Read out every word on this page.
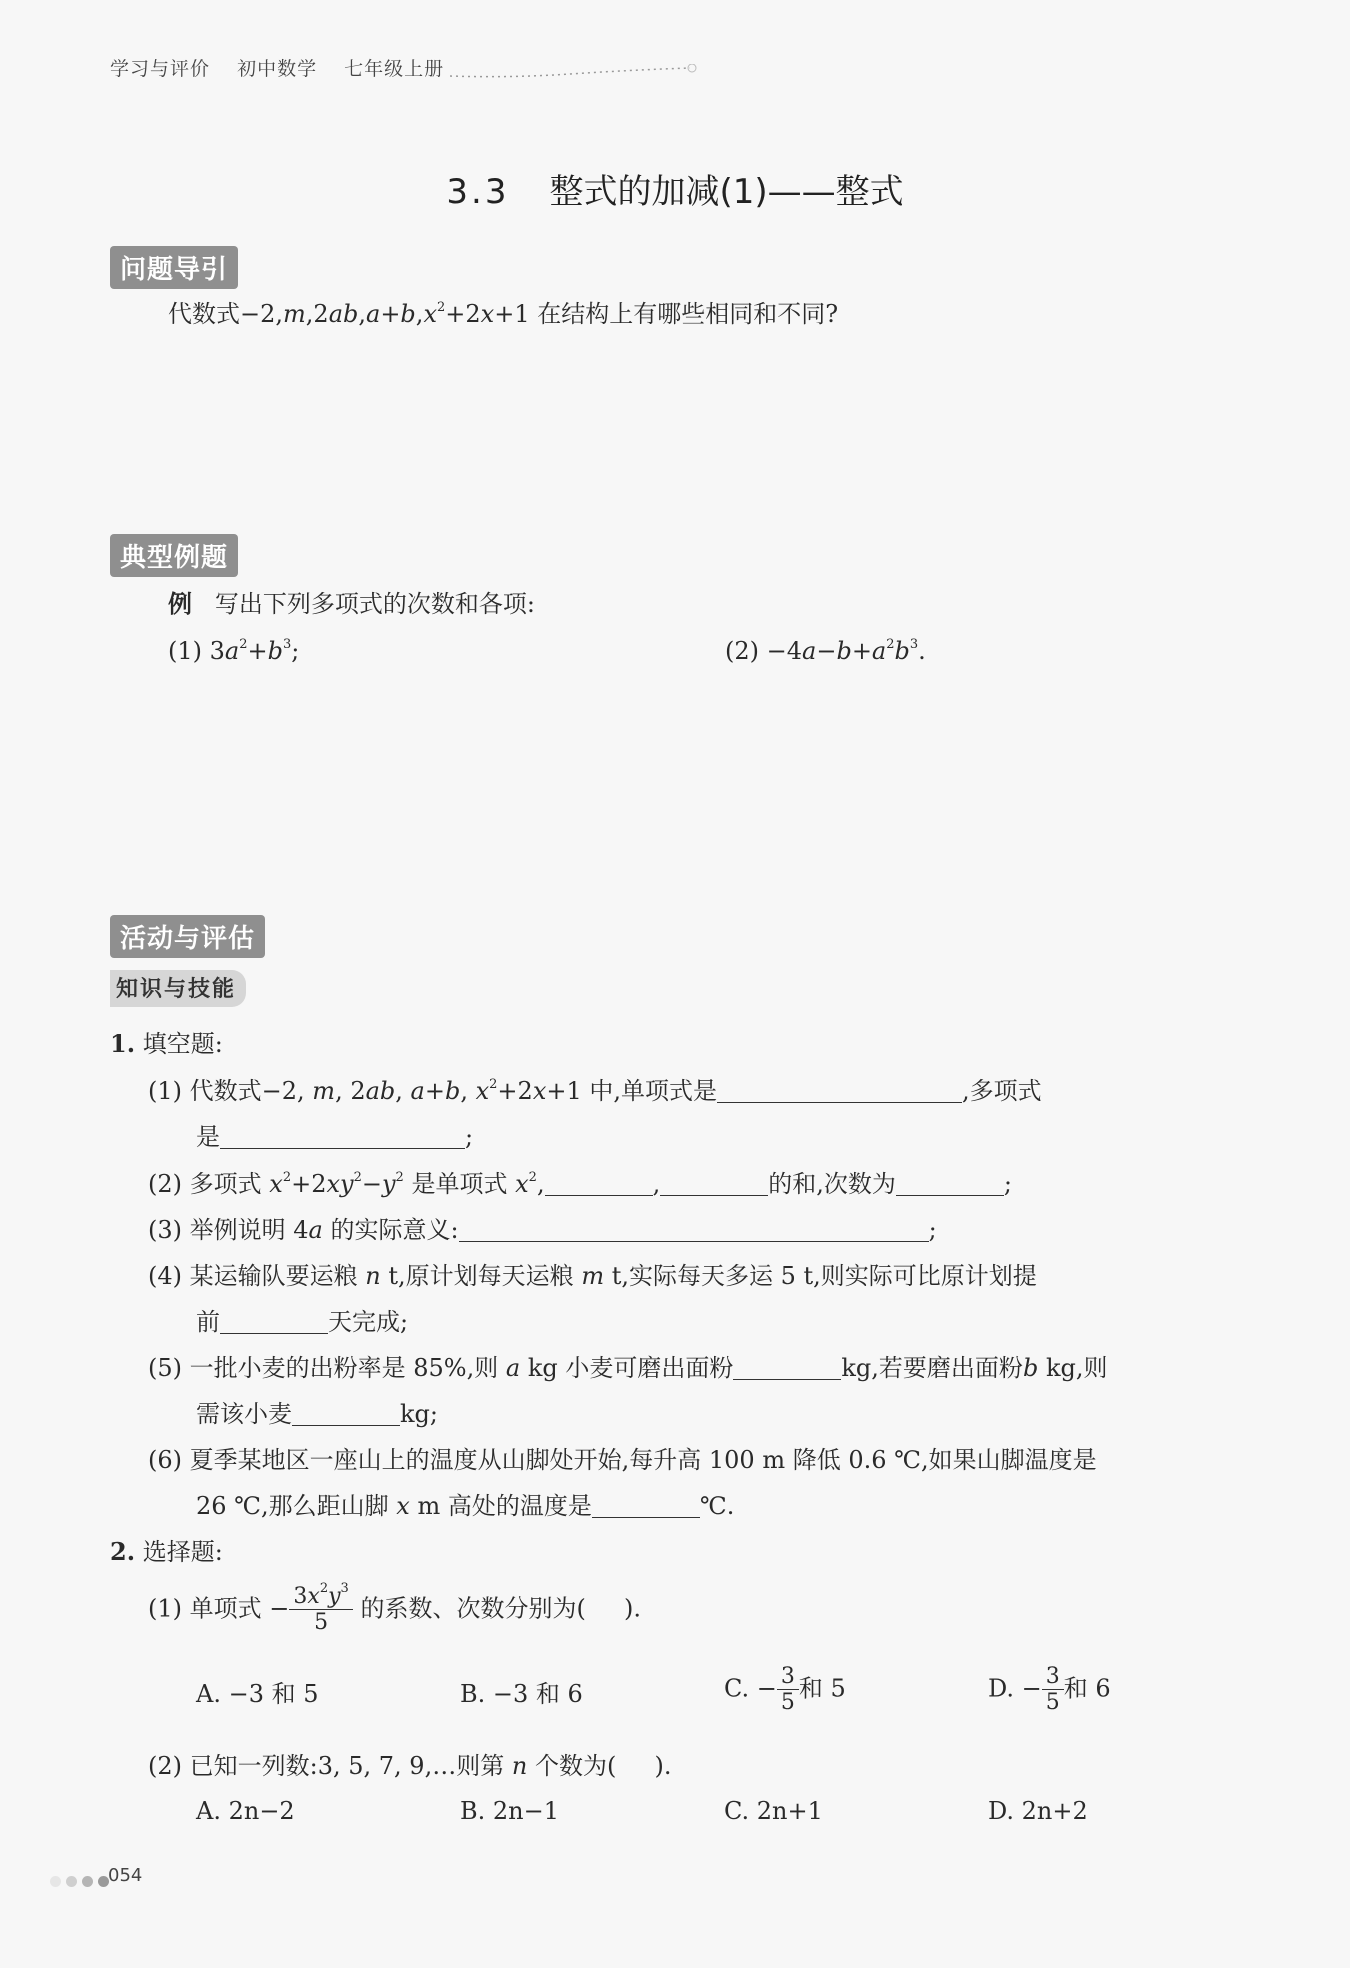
学习与评价 初中数学 七年级上册
3.3 整式的加减(1)——整式
问题导引
代数式$-2,m,2ab,a+b,x^2+2x+1$ 在结构上有哪些相同和不同?
典型例题
例 写出下列多项式的次数和各项:
(1) $3a^2+b^3$;	$(2) -4a-b+a^2b^3$.
活动与评估
知识与技能
1. 填空题:
(1) 代数式−2, m, 2ab, a+b, $x^2+2x+1$ 中,单项式是	,多项式
是	;
(2) 多项式 $x^2+2xy^2-y^2$ 是单项式 $x^2$,	,	的和,次数为	;
(3) 举例说明 4a 的实际意义:	;
(4) 某运输队要运粮 n t,原计划每天运粮 m t,实际每天多运 5 t,则实际可比原计划提
前	天完成;
(5) 一批小麦的出粉率是 85%,则 a kg 小麦可磨出面粉	kg,若要磨出面粉b kg,则
需该小麦	kg;
(6) 夏季某地区一座山上的温度从山脚处开始,每升高 100 m 降低 0.6 ℃,如果山脚温度是
26 ℃,那么距山脚 x m 高处的温度是	℃.
2. 选择题:
(1) 单项式 − $\frac{3x^2y^3}{5}$ 的系数、次数分别为( ).
A. −3 和 5	B. −3 和 6	C. − $\frac{3}{5}$ 和 5	D. − $\frac{3}{5}$ 和 6
(2) 已知一列数:3, 5, 7, 9,…则第 n 个数为( ).
A. 2n−2	B. 2n−1	C. 2n+1	D. 2n+2

054
